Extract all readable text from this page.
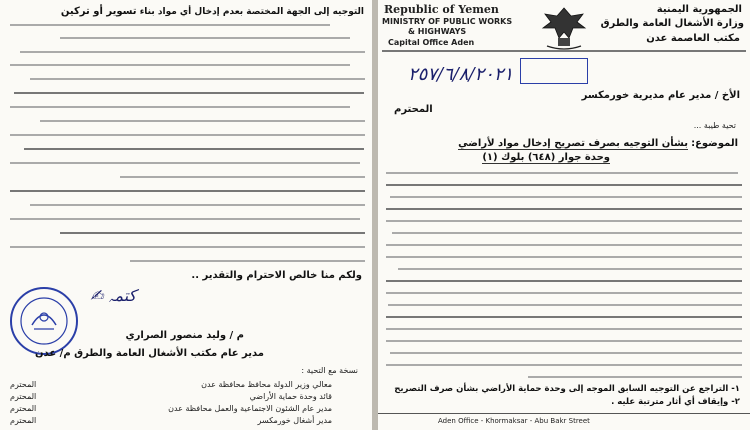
التوجيه إلى الجهة المختصة بعدم إدخال أي مواد بناء تسوير أو تركين
ولكم منا خالص الاحترام والتقدير ..
✍︎ ﮐﺘﻤﮧ
م / وليد منصور الصراري
مدير عام مكتب الأشغال العامة والطرق م/ عدن
نسخة مع التحية :
معالي وزير الدولة محافظ محافظة عدن
قائد وحدة حماية الأراضي
مدير عام الشئون الاجتماعية والعمل محافظة عدن
مدير أشغال خورمكسر
المحترم
المحترم
المحترم
المحترم
الجمهورية اليمنية
وزارة الأشغال العامة والطرق
مكتب العاصمة عدن
Republic of Yemen
MINISTRY OF PUBLIC WORKS
& HIGHWAYS
Capital Office Aden
٢٥٧/٦/٨/٢٠٢١
الأخ / مدير عام مديرية خورمكسر
المحترم
تحية طيبة ...
الموضوع:
بشأن التوجيه بصرف تصريح إدخال مواد لأراضي
وحدة جوار (٦٤٨) بلوك (١)
١- التراجع عن التوجيه السابق الموجه إلى وحدة حماية الأراضي بشأن صرف التصريح
٢- وإيقاف أي أثار مترتبة عليه .
Aden Office - Khormaksar - Abu Bakr Street
